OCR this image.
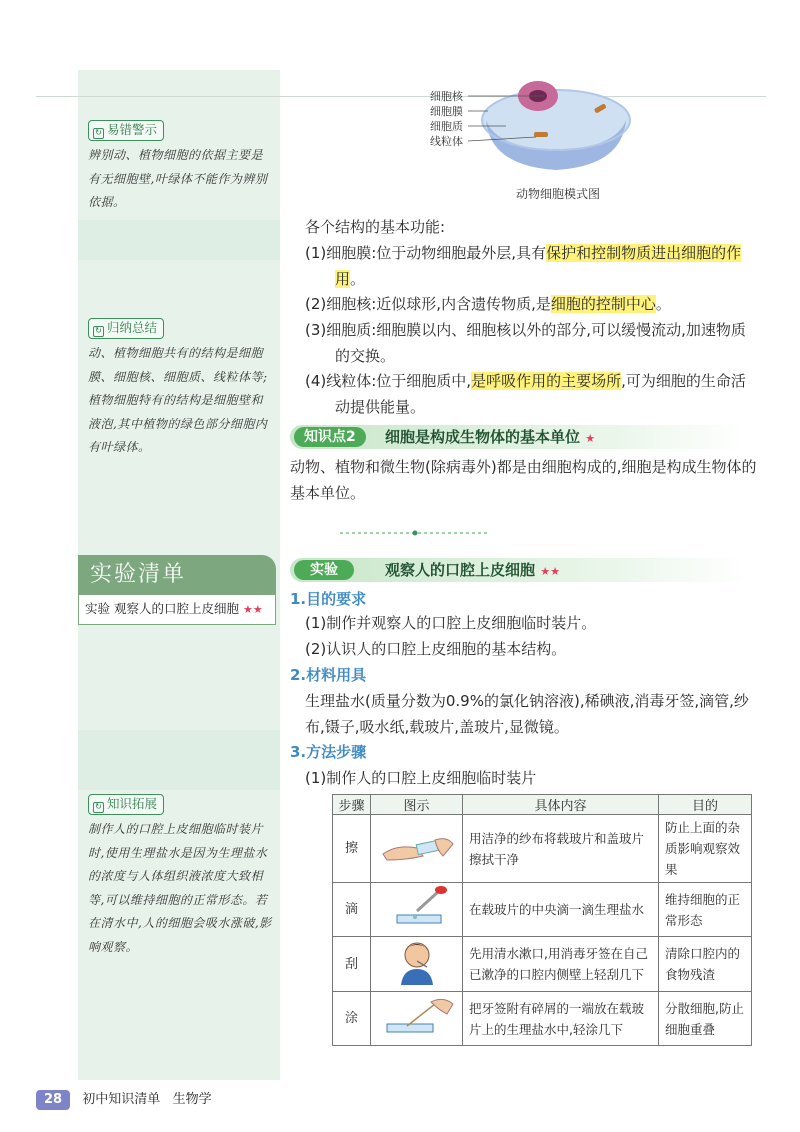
↻ 易错警示
辨别动、植物细胞的依据主要是有无细胞壁,叶绿体不能作为辨别依据。
↻ 归纳总结
动、植物细胞共有的结构是细胞膜、细胞核、细胞质、线粒体等;植物细胞特有的结构是细胞壁和液泡,其中植物的绿色部分细胞内有叶绿体。
细胞核
细胞膜
细胞质
线粒体
动物细胞模式图
各个结构的基本功能:
(1)细胞膜:位于动物细胞最外层,具有保护和控制物质进出细胞的作用。
(2)细胞核:近似球形,内含遗传物质,是细胞的控制中心。
(3)细胞质:细胞膜以内、细胞核以外的部分,可以缓慢流动,加速物质的交换。
(4)线粒体:位于细胞质中,是呼吸作用的主要场所,可为细胞的生命活动提供能量。
知识点2	细胞是构成生物体的基本单位 ★
动物、植物和微生物(除病毒外)都是由细胞构成的,细胞是构成生物体的基本单位。
实验清单
实验 观察人的口腔上皮细胞 ★★
实验	观察人的口腔上皮细胞 ★★
1.目的要求
(1)制作并观察人的口腔上皮细胞临时装片。
(2)认识人的口腔上皮细胞的基本结构。
2.材料用具
生理盐水(质量分数为0.9%的氯化钠溶液),稀碘液,消毒牙签,滴管,纱布,镊子,吸水纸,载玻片,盖玻片,显微镜。
3.方法步骤
(1)制作人的口腔上皮细胞临时装片
↻ 知识拓展
制作人的口腔上皮细胞临时装片时,使用生理盐水是因为生理盐水的浓度与人体组织液浓度大致相等,可以维持细胞的正常形态。若在清水中,人的细胞会吸水涨破,影响观察。
步骤	图示	具体内容	目的
擦		用洁净的纱布将载玻片和盖玻片擦拭干净	防止上面的杂质影响观察效果
滴		在载玻片的中央滴一滴生理盐水	维持细胞的正常形态
刮		先用清水漱口,用消毒牙签在自己已漱净的口腔内侧壁上轻刮几下	清除口腔内的食物残渣
涂		把牙签附有碎屑的一端放在载玻片上的生理盐水中,轻涂几下	分散细胞,防止细胞重叠
28 初中知识清单 生物学
